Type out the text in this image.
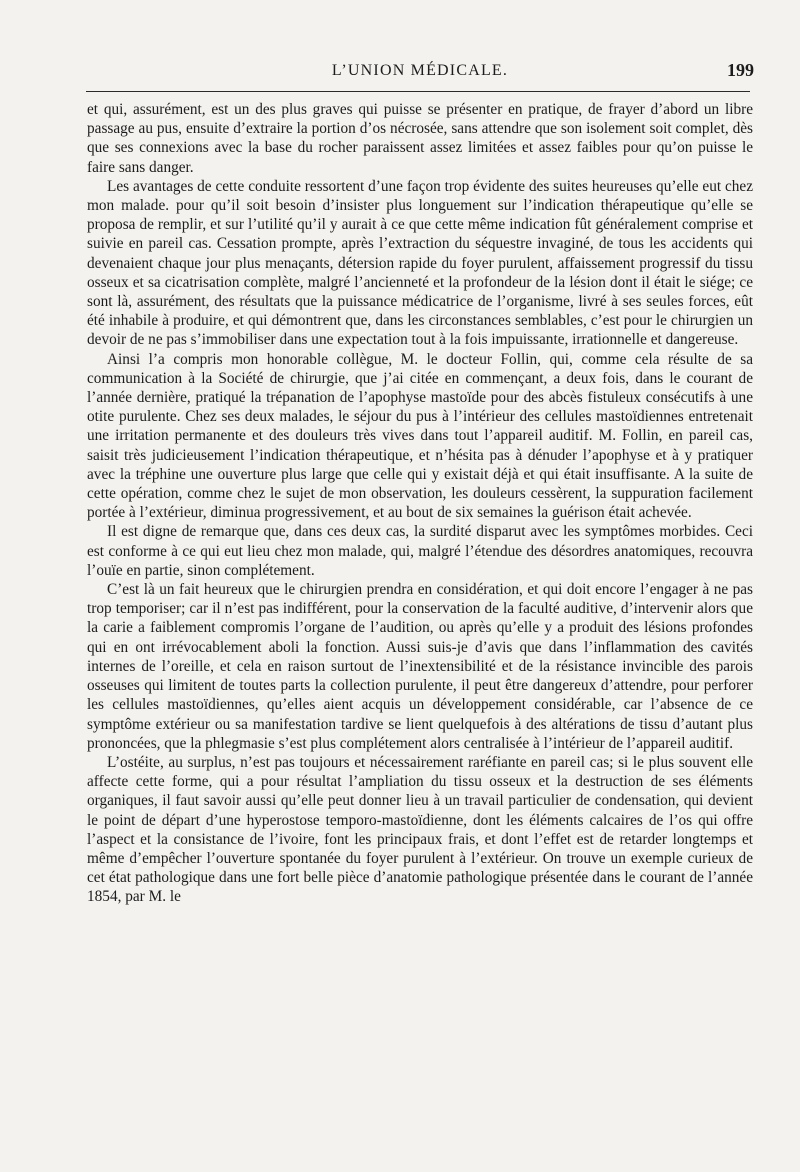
L’UNION MÉDICALE.	199

et qui, assurément, est un des plus graves qui puisse se présenter en pratique, de frayer d’abord un libre passage au pus, ensuite d’extraire la portion d’os nécrosée, sans attendre que son isolement soit complet, dès que ses connexions avec la base du rocher paraissent assez limitées et assez faibles pour qu’on puisse le faire sans danger.

Les avantages de cette conduite ressortent d’une façon trop évidente des suites heureuses qu’elle eut chez mon malade. pour qu’il soit besoin d’insister plus longuement sur l’indication thérapeutique qu’elle se proposa de remplir, et sur l’utilité qu’il y aurait à ce que cette même indication fût généralement comprise et suivie en pareil cas. Cessation prompte, après l’extraction du séquestre invaginé, de tous les accidents qui devenaient chaque jour plus menaçants, détersion rapide du foyer purulent, affaissement progressif du tissu osseux et sa cicatrisation complète, malgré l’ancienneté et la profondeur de la lésion dont il était le siége; ce sont là, assurément, des résultats que la puissance médicatrice de l’organisme, livré à ses seules forces, eût été inhabile à produire, et qui démontrent que, dans les circonstances semblables, c’est pour le chirurgien un devoir de ne pas s’immobiliser dans une expectation tout à la fois impuissante, irrationnelle et dangereuse.

Ainsi l’a compris mon honorable collègue, M. le docteur Follin, qui, comme cela résulte de sa communication à la Société de chirurgie, que j’ai citée en commençant, a deux fois, dans le courant de l’année dernière, pratiqué la trépanation de l’apophyse mastoïde pour des abcès fistuleux consécutifs à une otite purulente. Chez ses deux malades, le séjour du pus à l’intérieur des cellules mastoïdiennes entretenait une irritation permanente et des douleurs très vives dans tout l’appareil auditif. M. Follin, en pareil cas, saisit très judicieusement l’indication thérapeutique, et n’hésita pas à dénuder l’apophyse et à y pratiquer avec la tréphine une ouverture plus large que celle qui y existait déjà et qui était insuffisante. A la suite de cette opération, comme chez le sujet de mon observation, les douleurs cessèrent, la suppuration facilement portée à l’extérieur, diminua progressivement, et au bout de six semaines la guérison était achevée.

Il est digne de remarque que, dans ces deux cas, la surdité disparut avec les symptômes morbides. Ceci est conforme à ce qui eut lieu chez mon malade, qui, malgré l’étendue des désordres anatomiques, recouvra l’ouïe en partie, sinon complétement.

C’est là un fait heureux que le chirurgien prendra en considération, et qui doit encore l’engager à ne pas trop temporiser; car il n’est pas indifférent, pour la conservation de la faculté auditive, d’intervenir alors que la carie a faiblement compromis l’organe de l’audition, ou après qu’elle y a produit des lésions profondes qui en ont irrévocablement aboli la fonction. Aussi suis-je d’avis que dans l’inflammation des cavités internes de l’oreille, et cela en raison surtout de l’inextensibilité et de la résistance invincible des parois osseuses qui limitent de toutes parts la collection purulente, il peut être dangereux d’attendre, pour perforer les cellules mastoïdiennes, qu’elles aient acquis un développement considérable, car l’absence de ce symptôme extérieur ou sa manifestation tardive se lient quelquefois à des altérations de tissu d’autant plus prononcées, que la phlegmasie s’est plus complétement alors centralisée à l’intérieur de l’appareil auditif.

L’ostéite, au surplus, n’est pas toujours et nécessairement raréfiante en pareil cas; si le plus souvent elle affecte cette forme, qui a pour résultat l’ampliation du tissu osseux et la destruction de ses éléments organiques, il faut savoir aussi qu’elle peut donner lieu à un travail particulier de condensation, qui devient le point de départ d’une hyperostose temporo-mastoïdienne, dont les éléments calcaires de l’os qui offre l’aspect et la consistance de l’ivoire, font les principaux frais, et dont l’effet est de retarder longtemps et même d’empêcher l’ouverture spontanée du foyer purulent à l’extérieur. On trouve un exemple curieux de cet état pathologique dans une fort belle pièce d’anatomie pathologique présentée dans le courant de l’année 1854, par M. le
